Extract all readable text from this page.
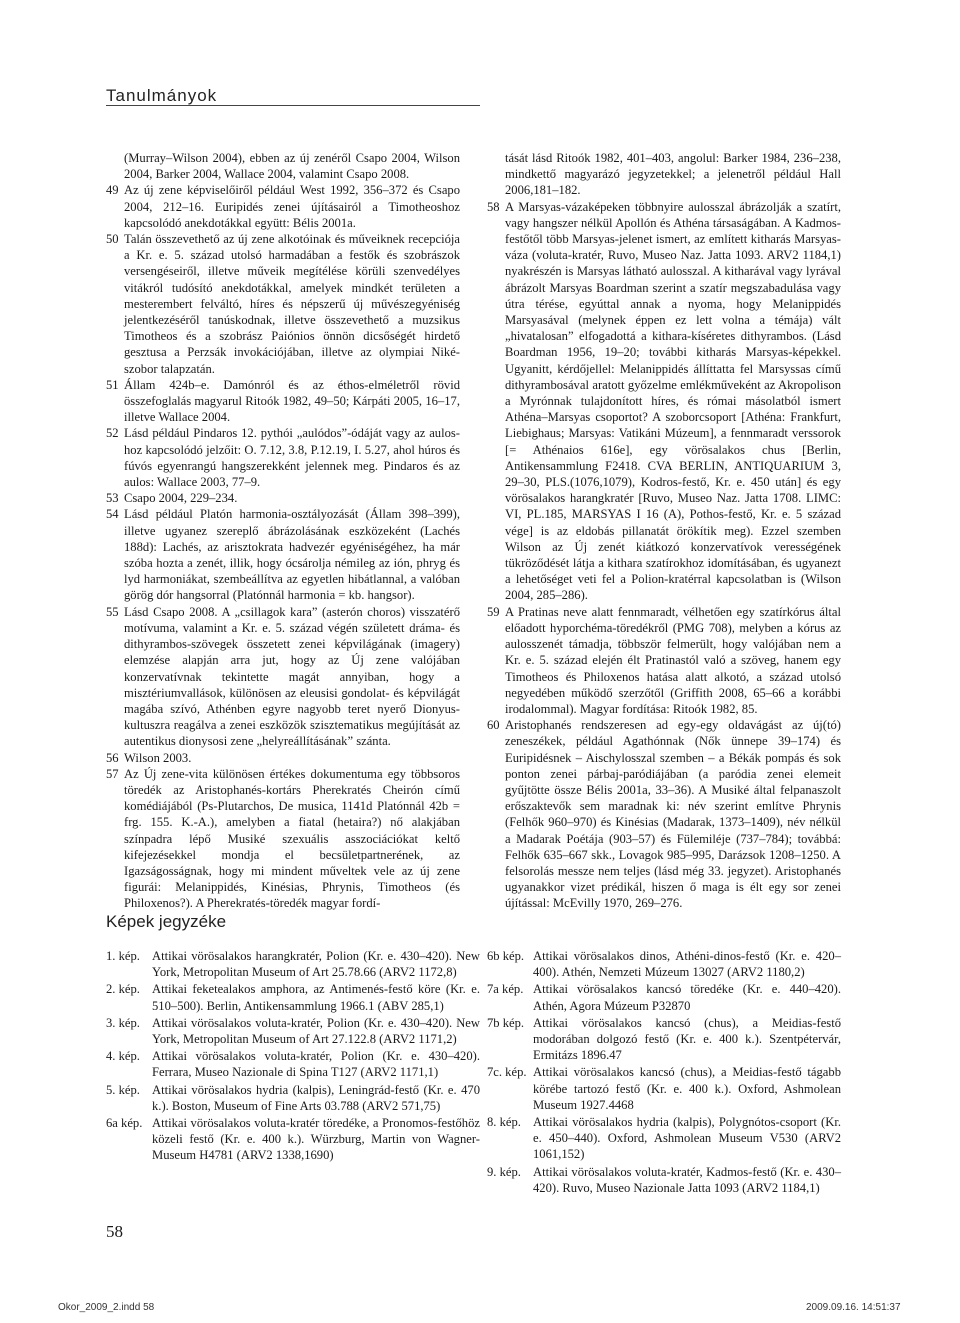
Tanulmányok
(Murray–Wilson 2004), ebben az új zenéről Csapo 2004, Wilson 2004, Barker 2004, Wallace 2004, valamint Csapo 2008.
49 Az új zene képviselőiről például West 1992, 356–372 és Csapo 2004, 212–16. Euripidés zenei újításairól a Timotheoshoz kapcsolódó anekdotákkal együtt: Bélis 2001a.
50 Talán összevethető az új zene alkotóinak és műveiknek recepciója a Kr. e. 5. század utolsó harmadában a festők és szobrászok versengéseiről, illetve műveik megítélése körüli szenvedélyes vitákról tudósító anekdotákkal, amelyek mindkét területen a mesterembert felváltó, híres és népszerű új művészegyéniség jelentkezéséről tanúskodnak, illetve összevethető a muzsikus Timotheos és a szobrász Paiónios önnön dicsőségét hirdető gesztusa a Perzsák invokációjában, illetve az olympiai Niké-szobor talapzatán.
51 Állam 424b–e. Damónról és az éthos-elméletről rövid összefoglalás magyarul Ritoók 1982, 49–50; Kárpáti 2005, 16–17, illetve Wallace 2004.
52 Lásd például Pindaros 12. pythói „aulódos”-ódáját vagy az auloshoz kapcsolódó jelzőit: O. 7.12, 3.8, P.12.19, I. 5.27, ahol húros és fúvós egyenrangú hangszerekként jelennek meg. Pindaros és az aulos: Wallace 2003, 77–9.
53 Csapo 2004, 229–234.
54 Lásd például Platón harmonia-osztályozását (Állam 398–399), illetve ugyanez szereplő ábrázolásának eszközeként (Lachés 188d): Lachés, az arisztokrata hadvezér egyéniségéhez, ha már szóba hozta a zenét, illik, hogy ócsárolja némileg az ión, phryg és lyd harmoniákat, szembeállítva az egyetlen hibátlannal, a valóban görög dór hangsorral (Platónnál harmonia = kb. hangsor).
55 Lásd Csapo 2008. A „csillagok kara” (asterón choros) visszatérő motívuma, valamint a Kr. e. 5. század végén született dráma- és dithyrambos-szövegek összetett zenei képvilágának (imagery) elemzése alapján arra jut, hogy az Új zene valójában konzervatívnak tekintette magát annyiban, hogy a misztériumvallások, különösen az eleusisi gondolat- és képvilágát magába szívó, Athénben egyre nagyobb teret nyerő Dionyus-kultuszra reagálva a zenei eszközök szisztematikus megújítását az autentikus dionysosi zene „helyreállításának” szánta.
56 Wilson 2003.
57 Az Új zene-vita különösen értékes dokumentuma egy többsoros töredék az Aristophanés-kortárs Pherekratés Cheirón című komédiájából (Ps-Plutarchos, De musica, 1141d Platónnál 42b = frg. 155. K.-A.), amelyben a fiatal (hetaira?) nő alakjában színpadra lépő Musiké szexuális asszociációkat keltő kifejezésekkel mondja el becsületpartnerének, az Igazságosságnak, hogy mi mindent műveltek vele az új zene figurái: Melanippidés, Kinésias, Phrynis, Timotheos (és Philoxenos?). A Pherekratés-töredék magyar fordí-
tását lásd Ritoók 1982, 401–403, angolul: Barker 1984, 236–238, mindkettő magyarázó jegyzetekkel; a jelenetről például Hall 2006,181–182.
58 A Marsyas-vázaképeken többnyire aulosszal ábrázolják a szatírt, vagy hangszer nélkül Apollón és Athéna társaságában. A Kadmos-festőtől több Marsyas-jelenet ismert, az említett kitharás Marsyas-váza (voluta-kratér, Ruvo, Museo Naz. Jatta 1093. ARV2 1184,1) nyakrészén is Marsyas látható aulosszal. A kitharával vagy lyrával ábrázolt Marsyas Boardman szerint a szatír megszabadulása vagy útra térése, egyúttal annak a nyoma, hogy Melanippidés Marsyasával (melynek éppen ez lett volna a témája) vált „hivatalosan” elfogadottá a kithara-kíséretes dithyrambos. (Lásd Boardman 1956, 19–20; további kitharás Marsyas-képekkel. Ugyanitt, kérdőjellel: Melanippidés állíttatta fel Marsyssas című dithyrambosával aratott győzelme emlékműveként az Akropolison a Myrónnak tulajdonított híres, és római másolatból ismert Athéna–Marsyas csoportot? A szoborcsoport [Athéna: Frankfurt, Liebighaus; Marsyas: Vatikáni Múzeum], a fennmaradt verssorok [= Athénaios 616e], egy vörösalakos chus [Berlin, Antikensammlung F2418. CVA BERLIN, ANTIQUARIUM 3, 29–30, PLS.(1076,1079), Kodros-festő, Kr. e. 450 után] és egy vörösalakos harangkratér [Ruvo, Museo Naz. Jatta 1708. LIMC: VI, PL.185, MARSYAS I 16 (A), Pothos-festő, Kr. e. 5 század vége] is az eldobás pillanatát örökítik meg). Ezzel szemben Wilson az Új zenét kiátkozó konzervatívok verességének tükröződését látja a kithara szatírokhoz idomításában, és ugyanezt a lehetőséget veti fel a Polion-kratérral kapcsolatban is (Wilson 2004, 285–286).
59 A Pratinas neve alatt fennmaradt, vélhetően egy szatírkórus által előadott hyporchéma-töredékről (PMG 708), melyben a kórus az aulosszenét támadja, többször felmerült, hogy valójában nem a Kr. e. 5. század elején élt Pratinastól való a szöveg, hanem egy Timotheos és Philoxenos hatása alatt alkotó, a század utolsó negyedében működő szerzőtől (Griffith 2008, 65–66 a korábbi irodalommal). Magyar fordítása: Ritoók 1982, 85.
60 Aristophanés rendszeresen ad egy-egy oldavágást az új(tó) zeneszékek, például Agathónnak (Nők ünnepe 39–174) és Euripidésnek – Aischylosszal szemben – a Békák pompás és sok ponton zenei párbaj-paródiájában (a paródia zenei elemeit gyűjtötte össze Bélis 2001a, 33–36). A Musiké által felpanaszolt erőszaktevők sem maradnak ki: név szerint említve Phrynis (Felhők 960–970) és Kinésias (Madarak, 1373–1409), név nélkül a Madarak Poétája (903–57) és Fülemiléje (737–784); továbbá: Felhők 635–667 skk., Lovagok 985–995, Darázsok 1208–1250. A felsorolás messze nem teljes (lásd még 33. jegyzet). Aristophanés ugyanakkor vizet prédikál, hiszen ő maga is élt egy sor zenei újítással: McEvilly 1970, 269–276.
Képek jegyzéke
1. kép. Attikai vörösalakos harangkratér, Polion (Kr. e. 430–420). New York, Metropolitan Museum of Art 25.78.66 (ARV2 1172,8)
2. kép. Attikai feketealakos amphora, az Antimenés-festő köre (Kr. e. 510–500). Berlin, Antikensammlung 1966.1 (ABV 285,1)
3. kép. Attikai vörösalakos voluta-kratér, Polion (Kr. e. 430–420). New York, Metropolitan Museum of Art 27.122.8 (ARV2 1171,2)
4. kép. Attikai vörösalakos voluta-kratér, Polion (Kr. e. 430–420). Ferrara, Museo Nazionale di Spina T127 (ARV2 1171,1)
5. kép. Attikai vörösalakos hydria (kalpis), Leningrád-festő (Kr. e. 470 k.). Boston, Museum of Fine Arts 03.788 (ARV2 571,75)
6a kép. Attikai vörösalakos voluta-kratér töredéke, a Pronomos-festőhöz közeli festő (Kr. e. 400 k.). Würzburg, Martin von Wagner-Museum H4781 (ARV2 1338,1690)
6b kép. Attikai vörösalakos dinos, Athéni-dinos-festő (Kr. e. 420–400). Athén, Nemzeti Múzeum 13027 (ARV2 1180,2)
7a kép. Attikai vörösalakos kancsó töredéke (Kr. e. 440–420). Athén, Agora Múzeum P32870
7b kép. Attikai vörösalakos kancsó (chus), a Meidias-festő modorában dolgozó festő (Kr. e. 400 k.). Szentpétervár, Ermitázs 1896.47
7c. kép. Attikai vörösalakos kancsó (chus), a Meidias-festő tágabb körébe tartozó festő (Kr. e. 400 k.). Oxford, Ashmolean Museum 1927.4468
8. kép. Attikai vörösalakos hydria (kalpis), Polygnótos-csoport (Kr. e. 450–440). Oxford, Ashmolean Museum V530 (ARV2 1061,152)
9. kép. Attikai vörösalakos voluta-kratér, Kadmos-festő (Kr. e. 430–420). Ruvo, Museo Nazionale Jatta 1093 (ARV2 1184,1)
58
Okor_2009_2.indd 58	2009.09.16. 14:51:37
